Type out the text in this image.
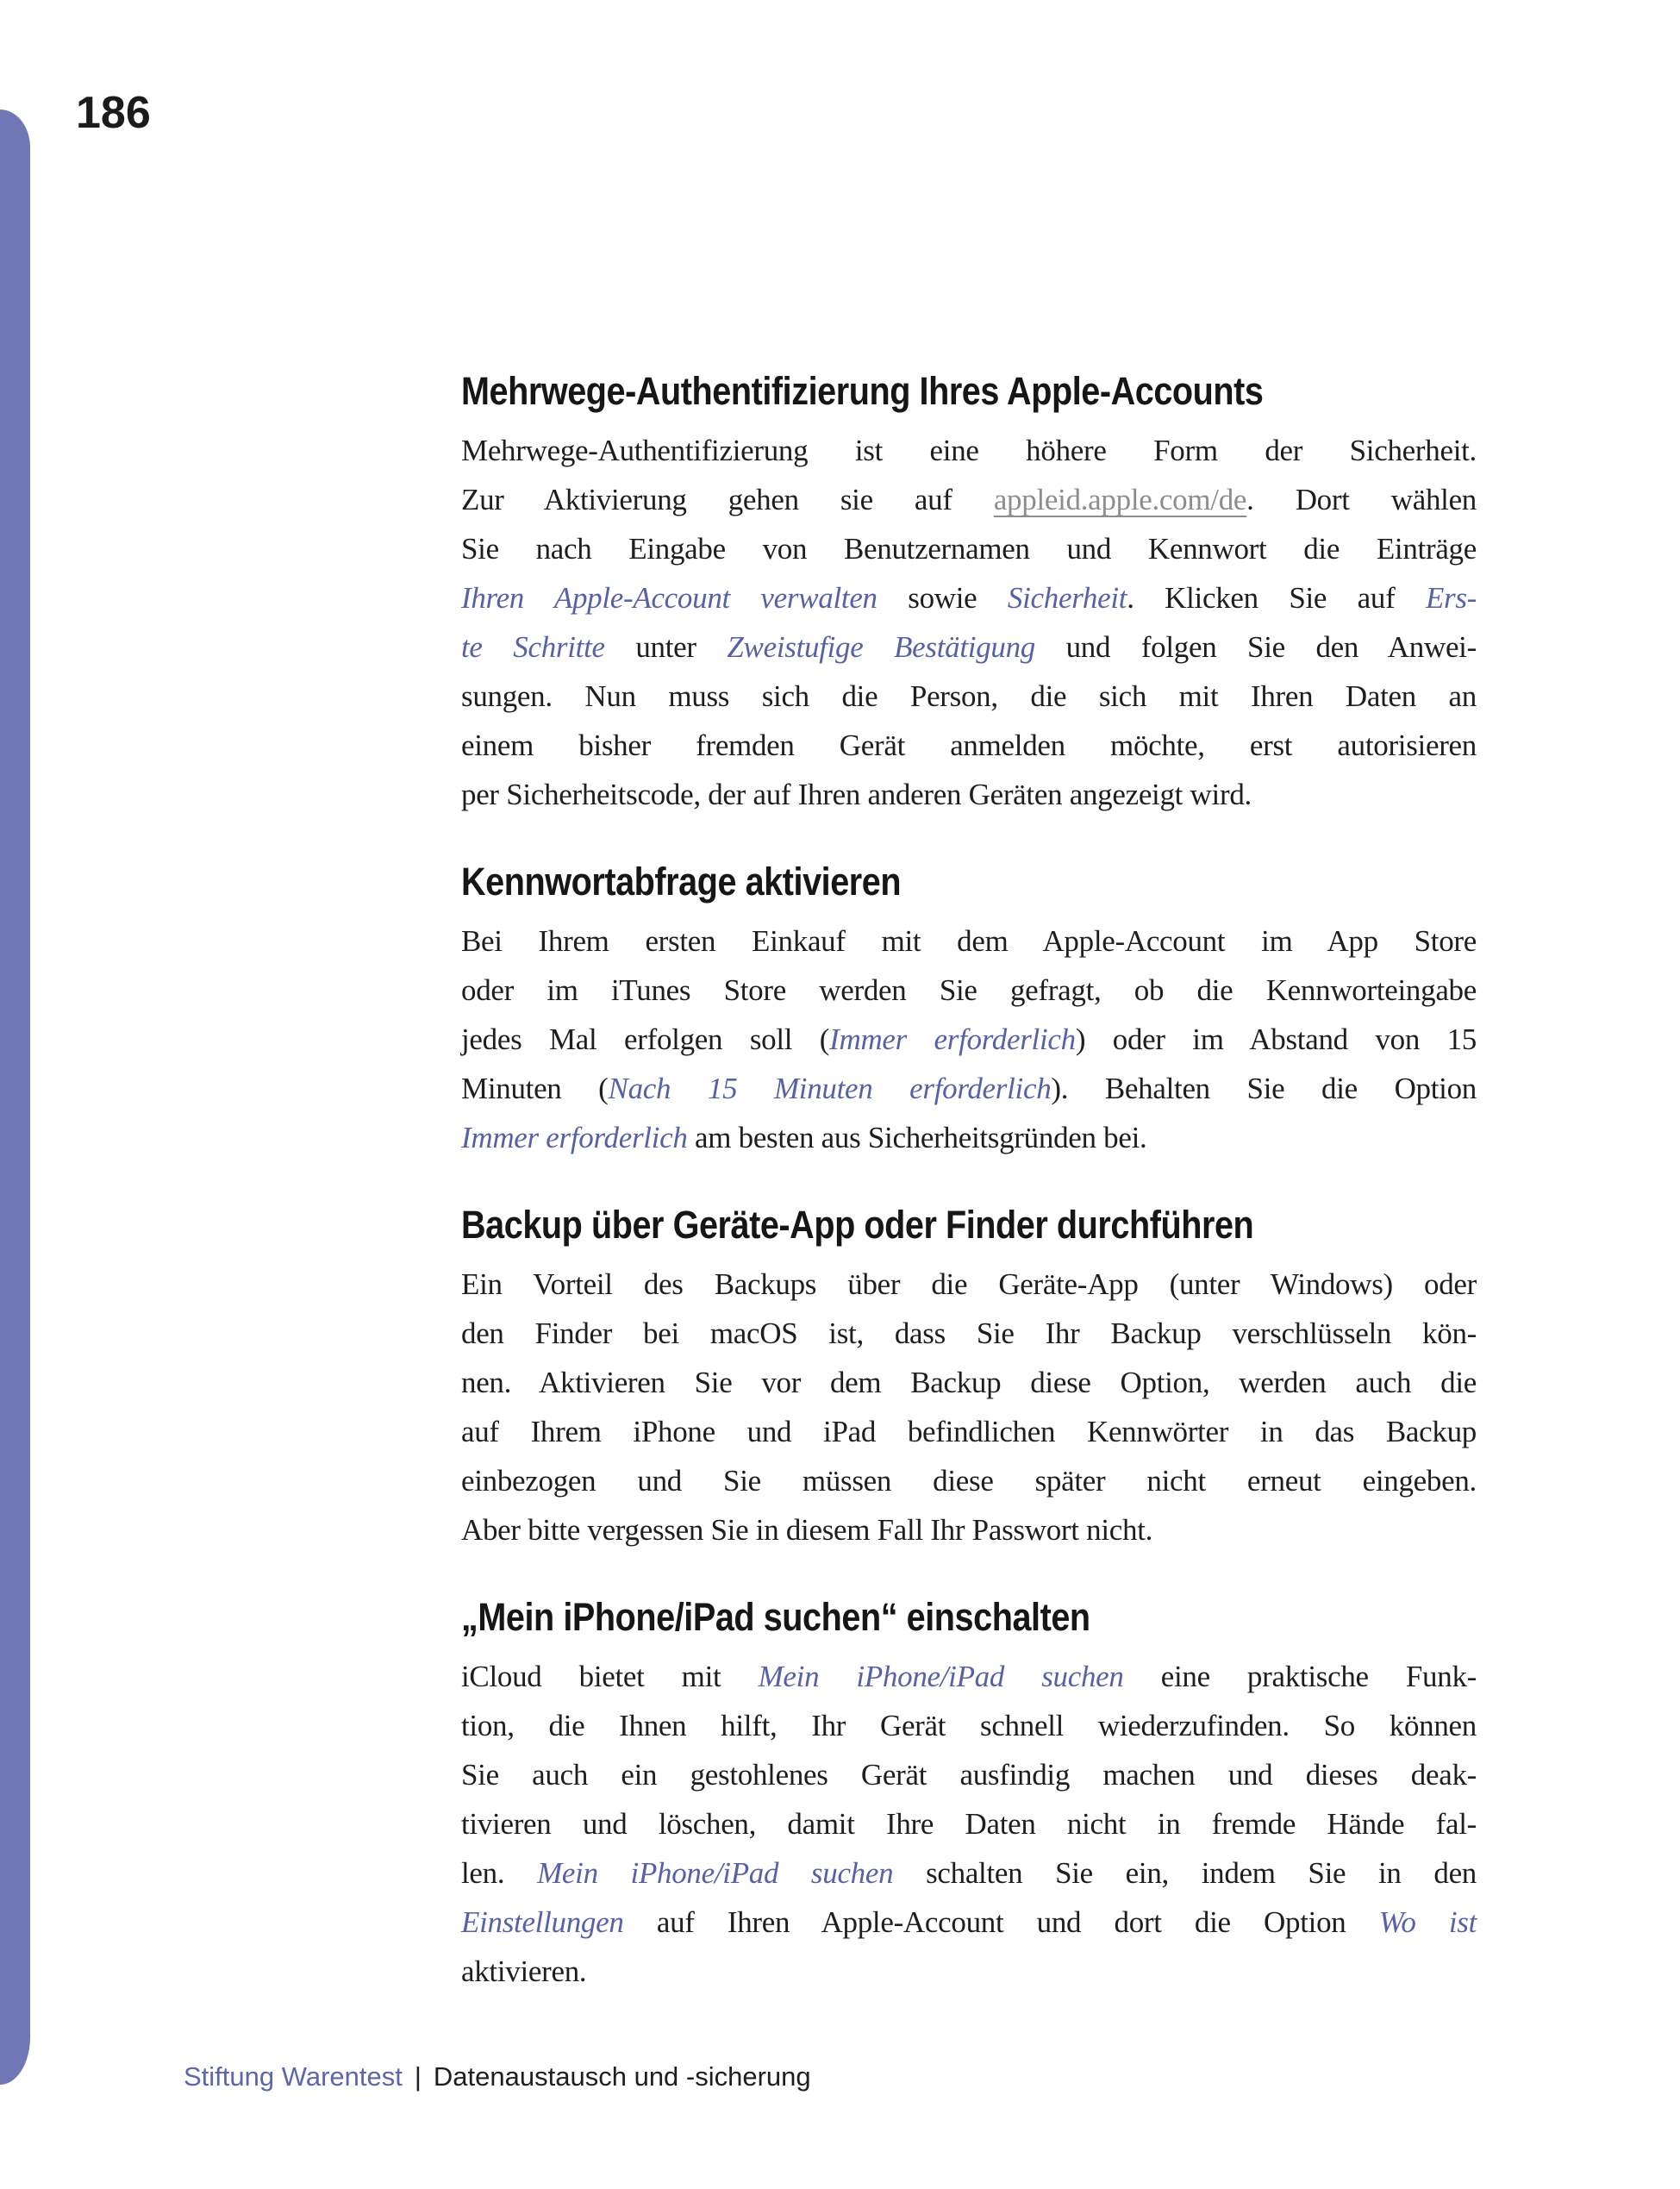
186
Mehrwege-Authentifizierung Ihres Apple-Accounts
Mehrwege-Authentifizierung ist eine höhere Form der Sicherheit.
Zur Aktivierung gehen sie auf appleid.apple.com/de. Dort wählen
Sie nach Eingabe von Benutzernamen und Kennwort die Einträge
Ihren Apple-Account verwalten sowie Sicherheit. Klicken Sie auf Ers-
te Schritte unter Zweistufige Bestätigung und folgen Sie den Anwei-
sungen. Nun muss sich die Person, die sich mit Ihren Daten an
einem bisher fremden Gerät anmelden möchte, erst autorisieren
per Sicherheitscode, der auf Ihren anderen Geräten angezeigt wird.
Kennwortabfrage aktivieren
Bei Ihrem ersten Einkauf mit dem Apple-Account im App Store
oder im iTunes Store werden Sie gefragt, ob die Kennworteingabe
jedes Mal erfolgen soll (Immer erforderlich) oder im Abstand von 15
Minuten (Nach 15 Minuten erforderlich). Behalten Sie die Option
Immer erforderlich am besten aus Sicherheitsgründen bei.
Backup über Geräte-App oder Finder durchführen
Ein Vorteil des Backups über die Geräte-App (unter Windows) oder
den Finder bei macOS ist, dass Sie Ihr Backup verschlüsseln kön-
nen. Aktivieren Sie vor dem Backup diese Option, werden auch die
auf Ihrem iPhone und iPad befindlichen Kennwörter in das Backup
einbezogen und Sie müssen diese später nicht erneut eingeben.
Aber bitte vergessen Sie in diesem Fall Ihr Passwort nicht.
„Mein iPhone/iPad suchen“ einschalten
iCloud bietet mit Mein iPhone/iPad suchen eine praktische Funk-
tion, die Ihnen hilft, Ihr Gerät schnell wiederzufinden. So können
Sie auch ein gestohlenes Gerät ausfindig machen und dieses deak-
tivieren und löschen, damit Ihre Daten nicht in fremde Hände fal-
len. Mein iPhone/iPad suchen schalten Sie ein, indem Sie in den
Einstellungen auf Ihren Apple-Account und dort die Option Wo ist
aktivieren.
Stiftung Warentest | Datenaustausch und -sicherung
